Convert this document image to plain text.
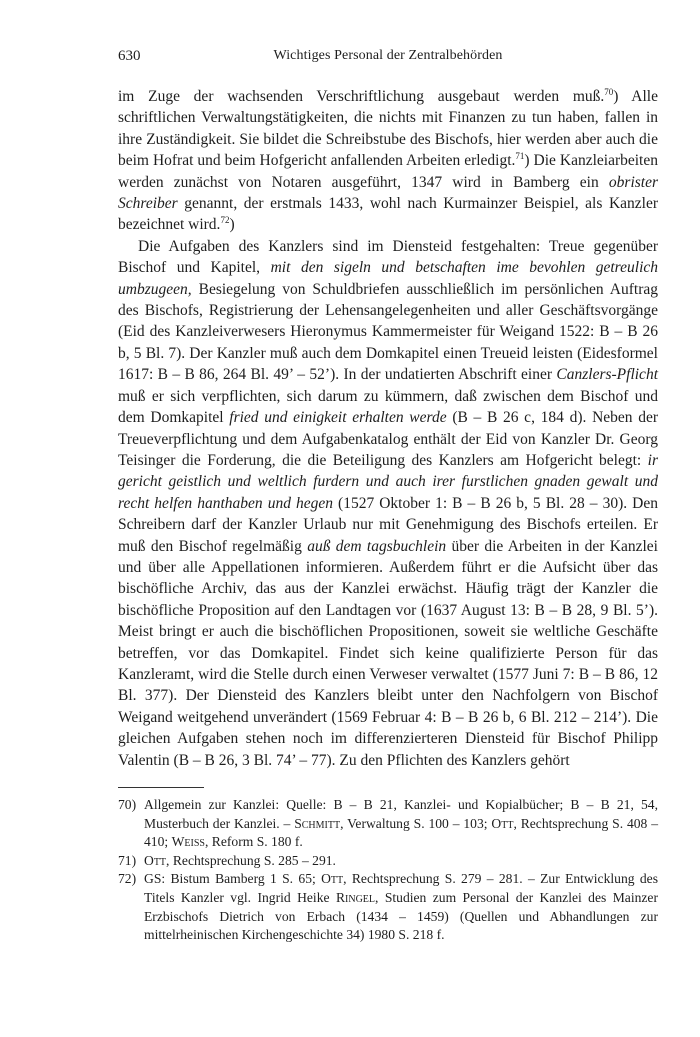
630	Wichtiges Personal der Zentralbehörden

im Zuge der wachsenden Verschriftlichung ausgebaut werden muß.$^{70}$) Alle schriftlichen Verwaltungstätigkeiten, die nichts mit Finanzen zu tun haben, fallen in ihre Zuständigkeit. Sie bildet die Schreibstube des Bischofs, hier werden aber auch die beim Hofrat und beim Hofgericht anfallenden Arbeiten erledigt.$^{71}$) Die Kanzleiarbeiten werden zunächst von Notaren ausgeführt, 1347 wird in Bamberg ein obrister Schreiber genannt, der erstmals 1433, wohl nach Kurmainzer Beispiel, als Kanzler bezeichnet wird.$^{72}$)

Die Aufgaben des Kanzlers sind im Diensteid festgehalten: Treue gegenüber Bischof und Kapitel, mit den sigeln und betschaften ime bevohlen getreulich umbzugeen, Besiegelung von Schuldbriefen ausschließlich im persönlichen Auftrag des Bischofs, Registrierung der Lehensangelegenheiten und aller Geschäftsvorgänge (Eid des Kanzleiverwesers Hieronymus Kammermeister für Weigand 1522: B – B 26 b, 5 Bl. 7). Der Kanzler muß auch dem Domkapitel einen Treueid leisten (Eidesformel 1617: B – B 86, 264 Bl. 49’ – 52’). In der undatierten Abschrift einer Canzlers-Pflicht muß er sich verpflichten, sich darum zu kümmern, daß zwischen dem Bischof und dem Domkapitel fried und einigkeit erhalten werde (B – B 26 c, 184 d). Neben der Treueverpflichtung und dem Aufgabenkatalog enthält der Eid von Kanzler Dr. Georg Teisinger die Forderung, die die Beteiligung des Kanzlers am Hofgericht belegt: ir gericht geistlich und weltlich furdern und auch irer furstlichen gnaden gewalt und recht helfen hanthaben und hegen (1527 Oktober 1: B – B 26 b, 5 Bl. 28 – 30). Den Schreibern darf der Kanzler Urlaub nur mit Genehmigung des Bischofs erteilen. Er muß den Bischof regelmäßig auß dem tagsbuchlein über die Arbeiten in der Kanzlei und über alle Appellationen informieren. Außerdem führt er die Aufsicht über das bischöfliche Archiv, das aus der Kanzlei erwächst. Häufig trägt der Kanzler die bischöfliche Proposition auf den Landtagen vor (1637 August 13: B – B 28, 9 Bl. 5’). Meist bringt er auch die bischöflichen Propositionen, soweit sie weltliche Geschäfte betreffen, vor das Domkapitel. Findet sich keine qualifizierte Person für das Kanzleramt, wird die Stelle durch einen Verweser verwaltet (1577 Juni 7: B – B 86, 12 Bl. 377). Der Diensteid des Kanzlers bleibt unter den Nachfolgern von Bischof Weigand weitgehend unverändert (1569 Februar 4: B – B 26 b, 6 Bl. 212 – 214’). Die gleichen Aufgaben stehen noch im differenzierteren Diensteid für Bischof Philipp Valentin (B – B 26, 3 Bl. 74’ – 77). Zu den Pflichten des Kanzlers gehört

70) Allgemein zur Kanzlei: Quelle: B – B 21, Kanzlei- und Kopialbücher; B – B 21, 54, Musterbuch der Kanzlei. – Schmitt, Verwaltung S. 100 – 103; Ott, Rechtsprechung S. 408 – 410; Weiss, Reform S. 180 f.

71) Ott, Rechtsprechung S. 285 – 291.

72) GS: Bistum Bamberg 1 S. 65; Ott, Rechtsprechung S. 279 – 281. – Zur Entwicklung des Titels Kanzler vgl. Ingrid Heike Ringel, Studien zum Personal der Kanzlei des Mainzer Erzbischofs Dietrich von Erbach (1434 – 1459) (Quellen und Abhandlungen zur mittelrheinischen Kirchengeschichte 34) 1980 S. 218 f.
